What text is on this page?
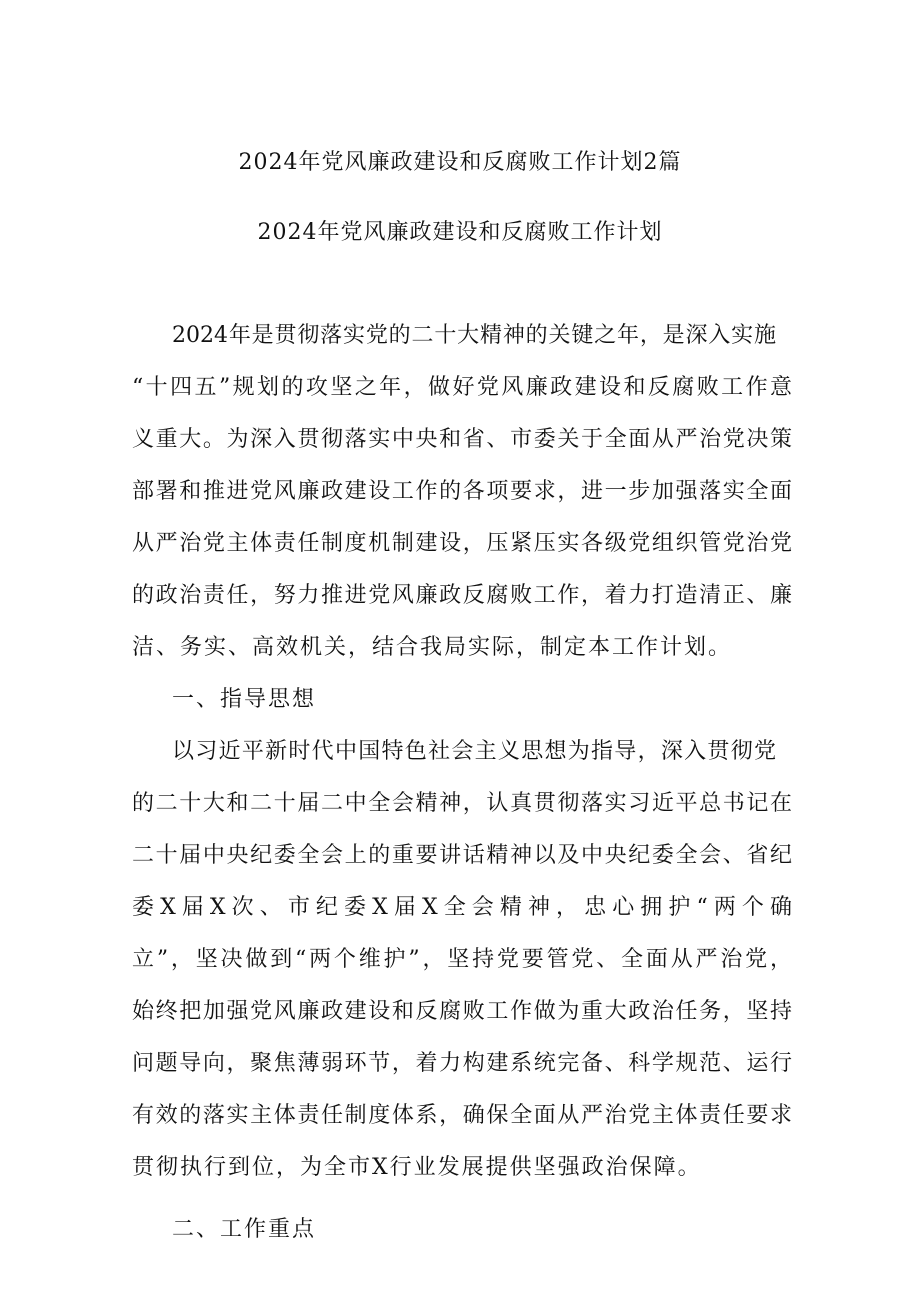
2024年党风廉政建设和反腐败工作计划2篇
2024年党风廉政建设和反腐败工作计划
2024年是贯彻落实党的二十大精神的关键之年，是深入实施
“十四五”规划的攻坚之年，做好党风廉政建设和反腐败工作意
义重大。为深入贯彻落实中央和省、市委关于全面从严治党决策
部署和推进党风廉政建设工作的各项要求，进一步加强落实全面
从严治党主体责任制度机制建设，压紧压实各级党组织管党治党
的政治责任，努力推进党风廉政反腐败工作，着力打造清正、廉
洁、务实、高效机关，结合我局实际，制定本工作计划。
一、指导思想
以习近平新时代中国特色社会主义思想为指导，深入贯彻党
的二十大和二十届二中全会精神，认真贯彻落实习近平总书记在
二十届中央纪委全会上的重要讲话精神以及中央纪委全会、省纪
委X届X次、市纪委X届X全会精神，忠心拥护“两个确
立”，坚决做到“两个维护”，坚持党要管党、全面从严治党，
始终把加强党风廉政建设和反腐败工作做为重大政治任务，坚持
问题导向，聚焦薄弱环节，着力构建系统完备、科学规范、运行
有效的落实主体责任制度体系，确保全面从严治党主体责任要求
贯彻执行到位，为全市X行业发展提供坚强政治保障。
二、工作重点
